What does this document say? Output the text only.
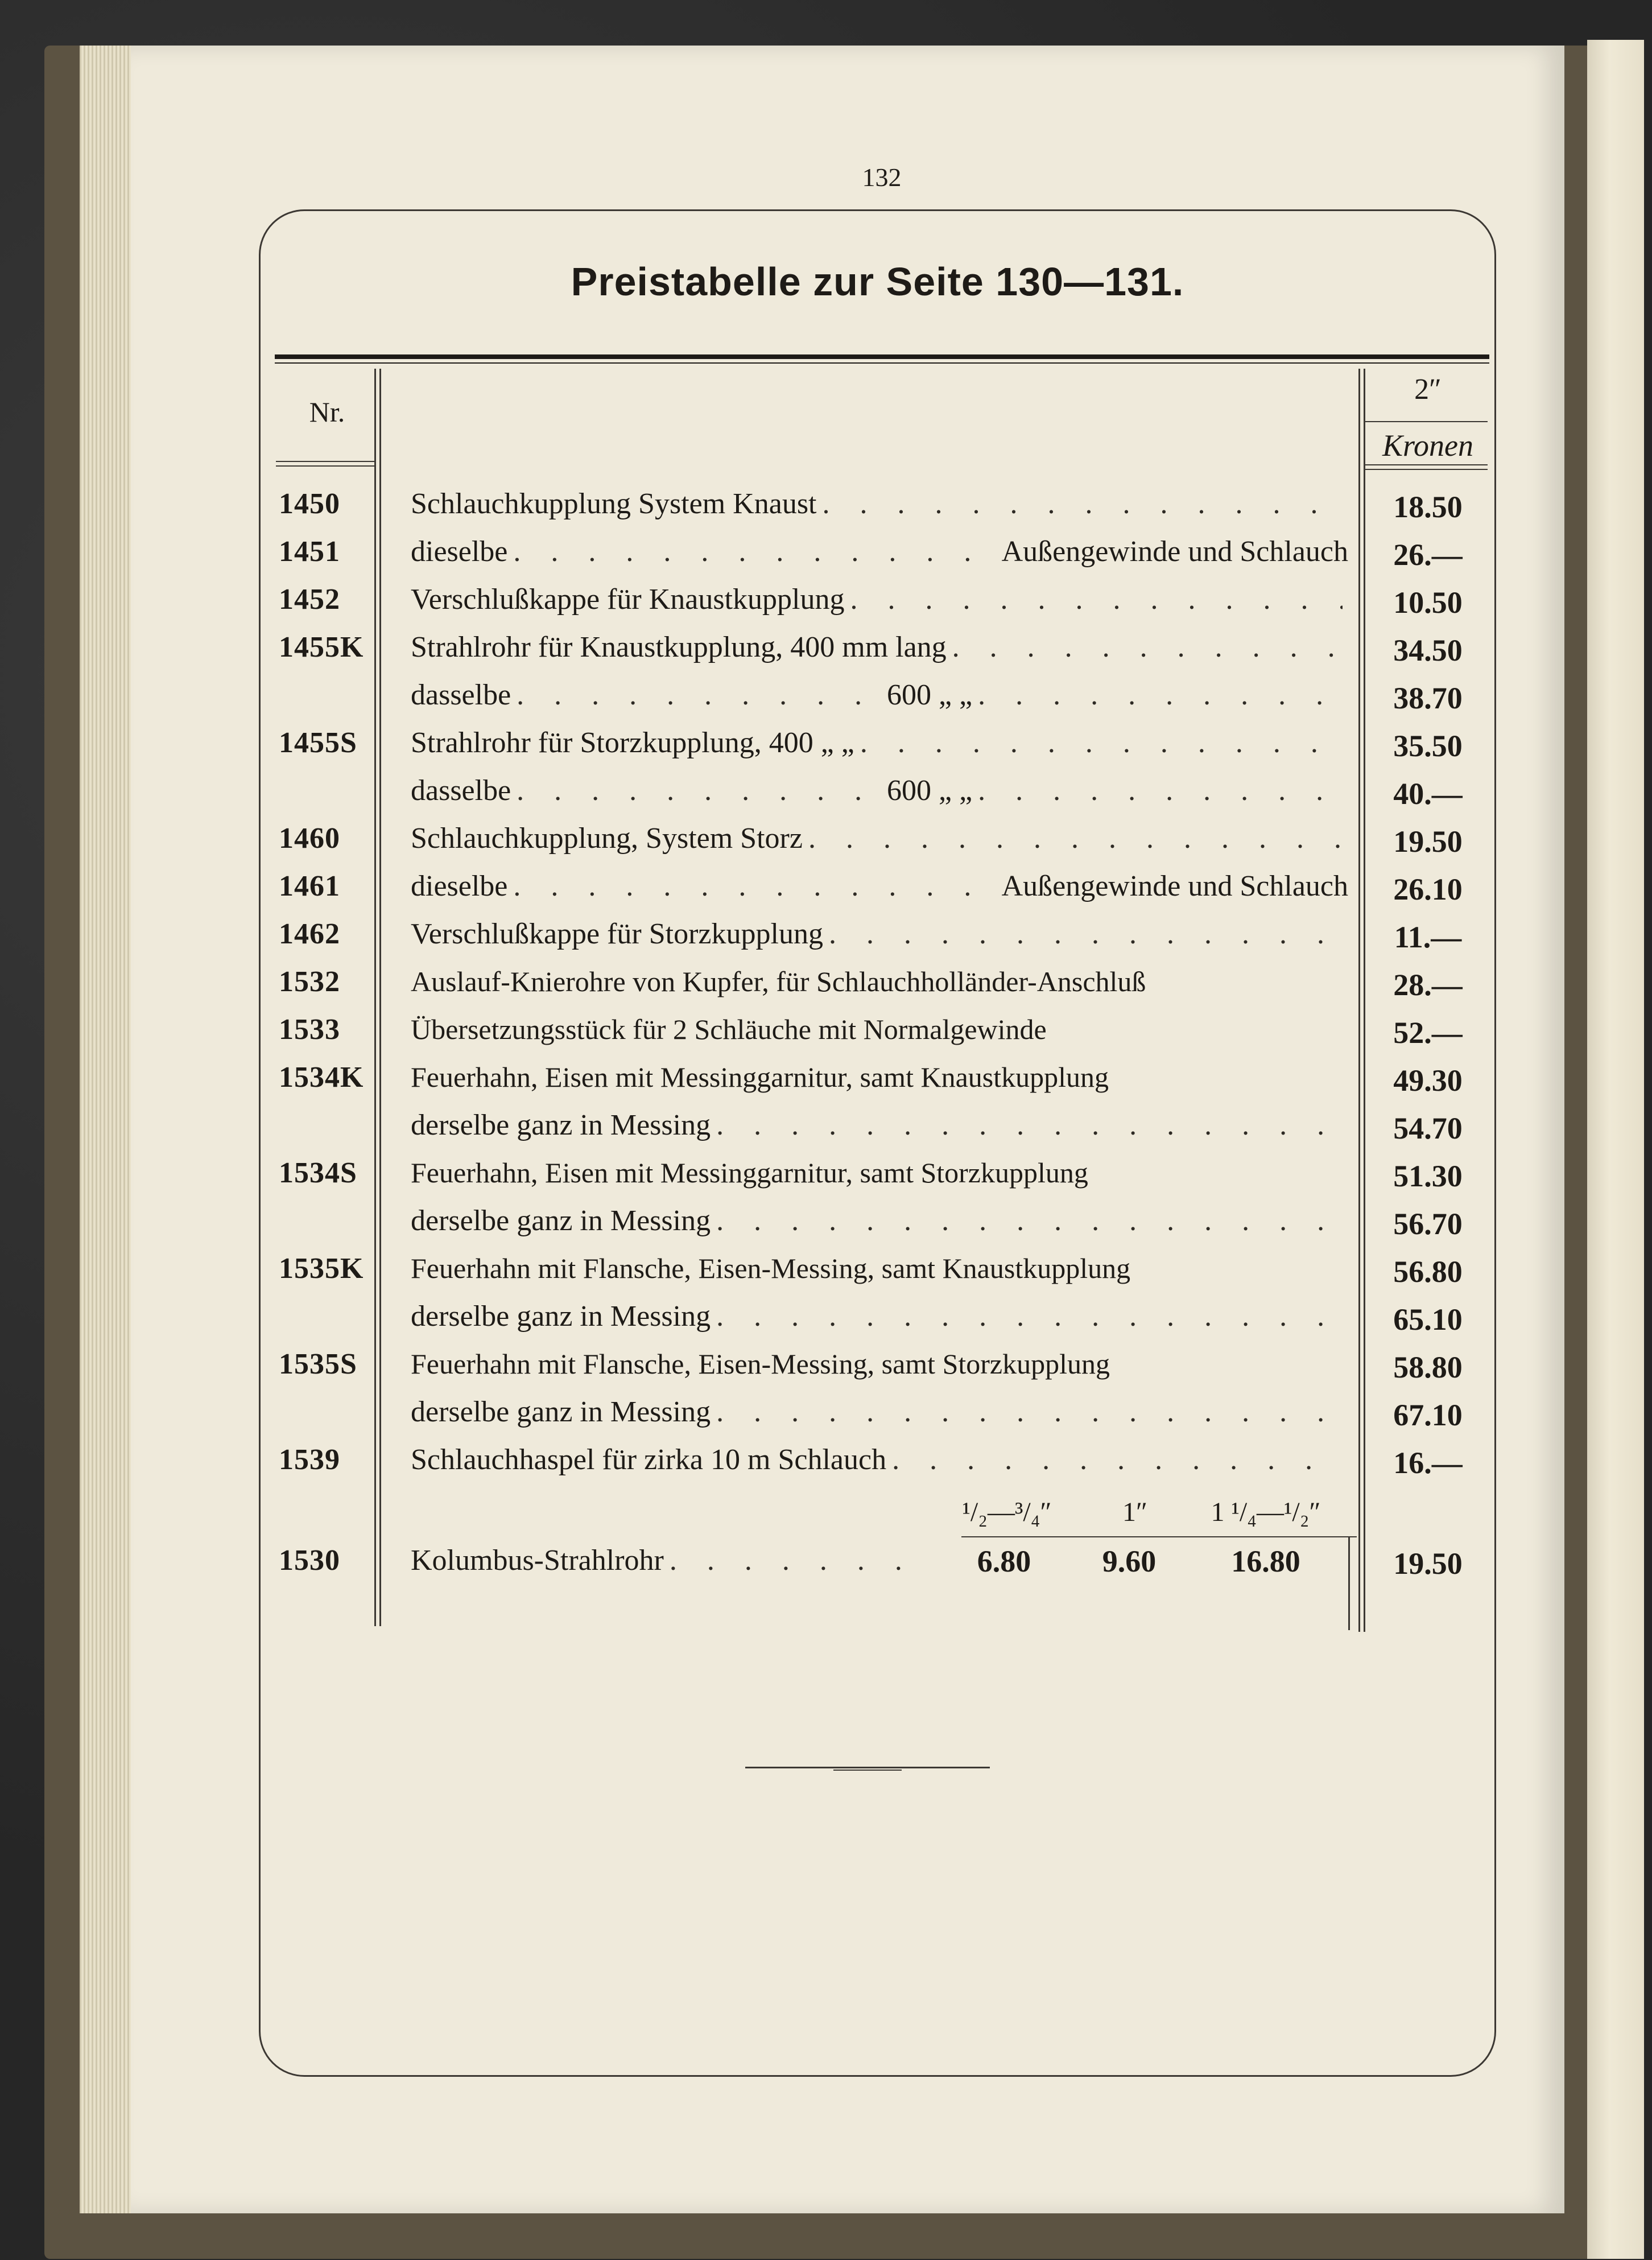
132
Preistabelle zur Seite 130—131.
Nr.
2″
Kronen
1450	Schlauchkupplung System Knaust . . .	18.50
1451	dieselbe . . .	Außengewinde und Schlauch	26.—
1452	Verschlußkappe für Knaustkupplung . . .	10.50
1455K	Strahlrohr für Knaustkupplung, 400 mm lang . . .	34.50
dasselbe . . .	600 „ „ . . .	38.70
1455S	Strahlrohr für Storzkupplung, 400 „ „ . . .	35.50
dasselbe . . .	600 „ „ . . .	40.—
1460	Schlauchkupplung, System Storz . . .	19.50
1461	dieselbe . . .	Außengewinde und Schlauch	26.10
1462	Verschlußkappe für Storzkupplung . . .	11.—
1532	Auslauf-Knierohre von Kupfer, für Schlauchholländer-Anschluß	28.—
1533	Übersetzungsstück für 2 Schläuche mit Normalgewinde	52.—
1534K	Feuerhahn, Eisen mit Messinggarnitur, samt Knaustkupplung	49.30
derselbe ganz in Messing . . .	54.70
1534S	Feuerhahn, Eisen mit Messinggarnitur, samt Storzkupplung	51.30
derselbe ganz in Messing . . .	56.70
1535K	Feuerhahn mit Flansche, Eisen-Messing, samt Knaustkupplung	56.80
derselbe ganz in Messing . . .	65.10
1535S	Feuerhahn mit Flansche, Eisen-Messing, samt Storzkupplung	58.80
derselbe ganz in Messing . . .	67.10
1539	Schlauchhaspel für zirka 10 m Schlauch . . .	16.—
¹/₂—³/₄″	1″	1 ¹/₄—¹/₂″
1530	Kolumbus-Strahlrohr . . .	6.80	9.60	16.80	19.50
